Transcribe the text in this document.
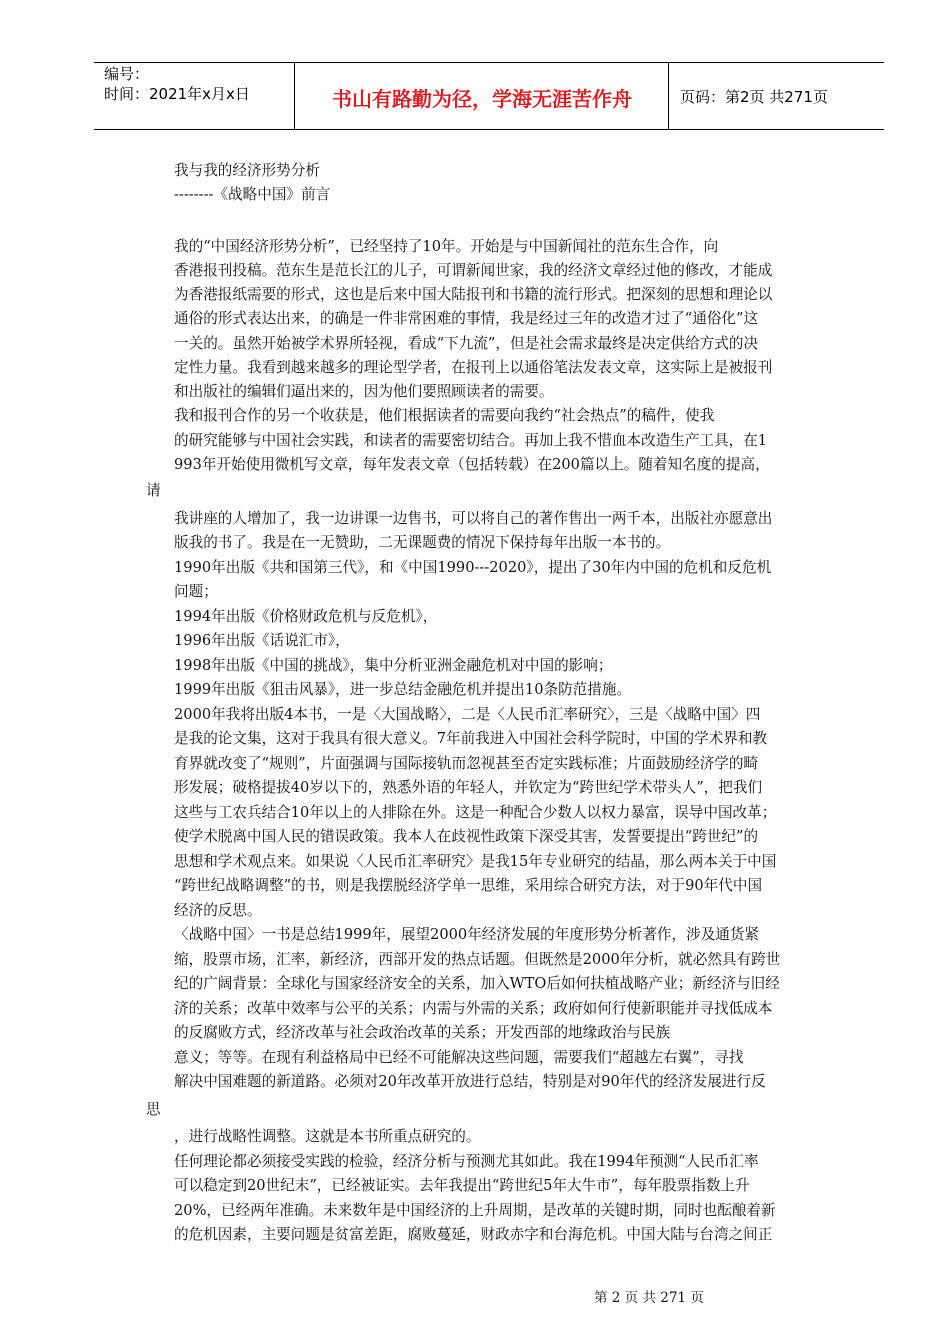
编号：
时间：2021年x月x日	书山有路勤为径，学海无涯苦作舟	页码：第2页 共271页
我与我的经济形势分析
--------《战略中国》前言
我的“中国经济形势分析”，已经坚持了10年。开始是与中国新闻社的范东生合作，向
香港报刊投稿。范东生是范长江的儿子，可谓新闻世家，我的经济文章经过他的修改，才能成
为香港报纸需要的形式，这也是后来中国大陆报刊和书籍的流行形式。把深刻的思想和理论以
通俗的形式表达出来，的确是一件非常困难的事情，我是经过三年的改造才过了“通俗化”这
一关的。虽然开始被学术界所轻视，看成“下九流”，但是社会需求最终是决定供给方式的决
定性力量。我看到越来越多的理论型学者，在报刊上以通俗笔法发表文章，这实际上是被报刊
和出版社的编辑们逼出来的，因为他们要照顾读者的需要。
我和报刊合作的另一个收获是，他们根据读者的需要向我约“社会热点”的稿件，使我
的研究能够与中国社会实践，和读者的需要密切结合。再加上我不惜血本改造生产工具，在1
993年开始使用微机写文章，每年发表文章（包括转载）在200篇以上。随着知名度的提高，
请
我讲座的人增加了，我一边讲课一边售书，可以将自己的著作售出一两千本，出版社亦愿意出
版我的书了。我是在一无赞助，二无课题费的情况下保持每年出版一本书的。
1990年出版《共和国第三代》，和《中国1990---2020》，提出了30年内中国的危机和反危机
问题；
1994年出版《价格财政危机与反危机》，
1996年出版《话说汇市》，
1998年出版《中国的挑战》，集中分析亚洲金融危机对中国的影响；
1999年出版《狙击风暴》，进一步总结金融危机并提出10条防范措施。
2000年我将出版4本书，一是〈大国战略〉，二是〈人民币汇率研究〉，三是〈战略中国〉四
是我的论文集，这对于我具有很大意义。7年前我进入中国社会科学院时，中国的学术界和教
育界就改变了“规则”，片面强调与国际接轨而忽视甚至否定实践标准；片面鼓励经济学的畸
形发展；破格提拔40岁以下的，熟悉外语的年轻人，并钦定为“跨世纪学术带头人”，把我们
这些与工农兵结合10年以上的人排除在外。这是一种配合少数人以权力暴富，误导中国改革；
使学术脱离中国人民的错误政策。我本人在歧视性政策下深受其害，发誓要提出“跨世纪”的
思想和学术观点来。如果说〈人民币汇率研究〉是我15年专业研究的结晶，那么两本关于中国
“跨世纪战略调整”的书，则是我摆脱经济学单一思维，采用综合研究方法，对于90年代中国
经济的反思。
〈战略中国〉一书是总结1999年，展望2000年经济发展的年度形势分析著作，涉及通货紧
缩，股票市场，汇率，新经济，西部开发的热点话题。但既然是2000年分析，就必然具有跨世
纪的广阔背景：全球化与国家经济安全的关系，加入WTO后如何扶植战略产业；新经济与旧经
济的关系；改革中效率与公平的关系；内需与外需的关系；政府如何行使新职能并寻找低成本
的反腐败方式，经济改革与社会政治改革的关系；开发西部的地缘政治与民族
意义；等等。在现有利益格局中已经不可能解决这些问题，需要我们“超越左右翼”，寻找
解决中国难题的新道路。必须对20年改革开放进行总结，特别是对90年代的经济发展进行反
思
，进行战略性调整。这就是本书所重点研究的。
任何理论都必须接受实践的检验，经济分析与预测尤其如此。我在1994年预测“人民币汇率
可以稳定到20世纪末”，已经被证实。去年我提出“跨世纪5年大牛市”，每年股票指数上升
20%，已经两年准确。未来数年是中国经济的上升周期，是改革的关键时期，同时也酝酿着新
的危机因素，主要问题是贫富差距，腐败蔓延，财政赤字和台海危机。中国大陆与台湾之间正
第 2 页 共 271 页
